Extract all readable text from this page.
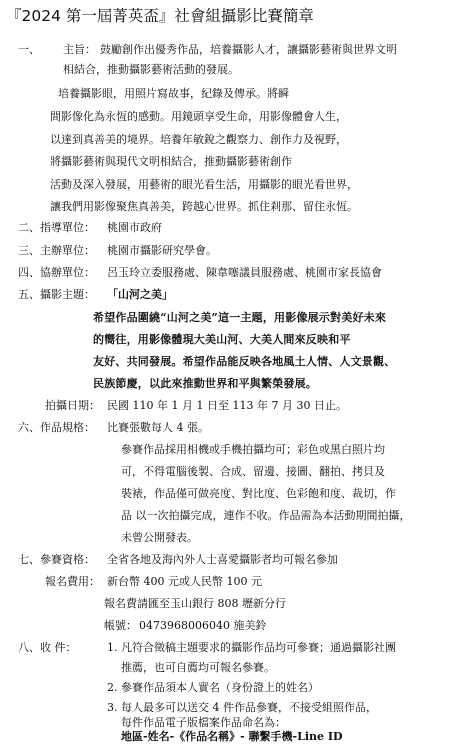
『2024 第一屆菁英盃』社會組攝影比賽簡章
一、 主旨： 鼓勵創作出優秀作品，培養攝影人才，讓攝影藝術與世界文明
相結合，推動攝影藝術活動的發展。
培養攝影眼，用照片寫故事，紀錄及傳承。將瞬
間影像化為永恆的感動。用鏡頭享受生命，用影像體會人生，
以達到真善美的境界。培養年敏銳之觀察力、創作力及視野，
將攝影藝術與現代文明相結合，推動攝影藝術創作
活動及深入發展，用藝術的眼光看生活，用攝影的眼光看世界，
讓我們用影像聚焦真善美，跨越心世界。抓住剎那、留住永恆。
二、指導單位： 桃園市政府
三、主辦單位： 桃園市攝影研究學會。
四、協辦單位： 呂玉玲立委服務處、陳韋噻議員服務處、桃園市家長協會
五、攝影主題： 「山河之美」
希望作品圍繞“山河之美”這一主題，用影像展示對美好未來
的嚮往，用影像體現大美山河、大美人間來反映和平
友好、共同發展。希望作品能反映各地風土人情、人文景觀、
民族節慶，以此來推動世界和平與繁榮發展。
拍攝日期： 民國 110 年 1 月 1 日至 113 年 7 月 30 日止。
六、作品規格： 比賽張數每人 4 張。
參賽作品採用相機或手機拍攝均可；彩色或黑白照片均
可，不得電腦後製、合成、留邊、接圖、翻拍、拷貝及
裝裱，作品僅可做亮度、對比度、色彩飽和度、裁切，作
品 以一次拍攝完成，連作不收。作品需為本活動期間拍攝，
未曾公開發表。
七、參賽資格： 全省各地及海內外人士喜愛攝影者均可報名參加
報名費用： 新台幣 400 元或人民幣 100 元
報名費請匯至玉山銀行 808 壢新分行
帳號： 0473968006040 施美鈴
八、收 件：	1. 凡符合徵稿主題要求的攝影作品均可參賽；通過攝影社團
推薦，也可自薦均可報名參賽。
2. 參賽作品須本人實名（身份證上的姓名）
3. 每人最多可以送交 4 件作品參賽，不接受組照作品，
每件作品電子版檔案作品命名為：
地區-姓名-《作品名稱》- 聯繫手機-Line ID
